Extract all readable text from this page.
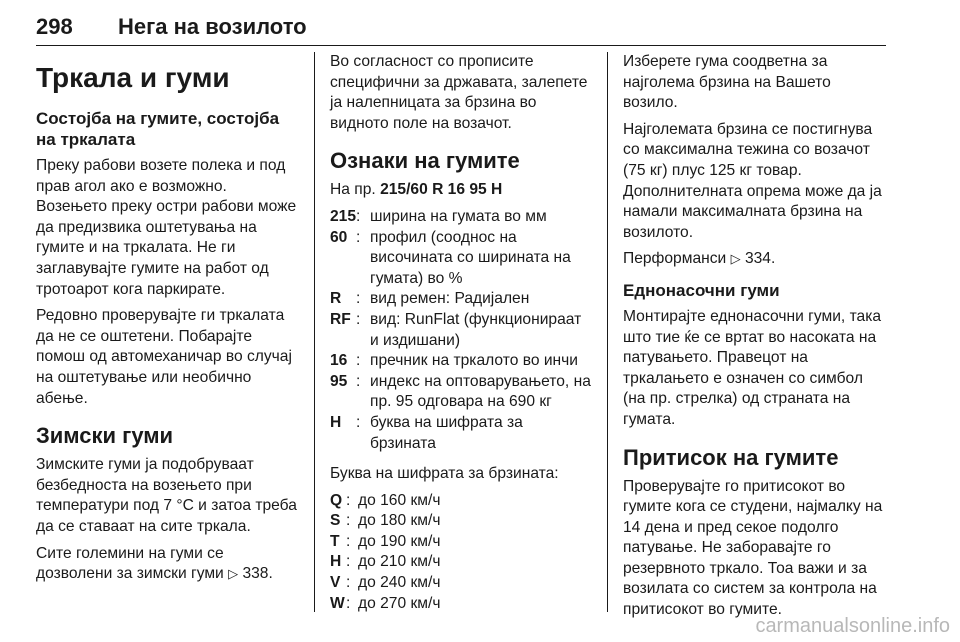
298 Нега на возилото
Тркала и гуми
Состојба на гумите, состојба на тркалата

Преку рабови возете полека и под прав агол ако е возможно. Возењето преку остри рабови може да предизвика оштетувања на гумите и на тркалата. Не ги заглавувајте гумите на работ од тротоарот кога паркирате.

Редовно проверувајте ги тркалата да не се оштетени. Побарајте помош од автомеханичар во случај на оштетување или необично абење.

Зимски гуми

Зимските гуми ја подобруваат безбедноста на возењето при температури под 7 °C и затоа треба да се ставаат на сите тркала.

Сите големини на гуми се дозволени за зимски гуми ▷ 338.

Во согласност со прописите специфични за државата, залепете ја налепницата за брзина во видното поле на возачот.

Ознаки на гумите

На пр. 215/60 R 16 95 H

215 : ширина на гумата во мм
60 : профил (сооднос на височината со ширината на гумата) во %
R : вид ремен: Радијален
RF : вид: RunFlat (функционираат и издишани)
16 : пречник на тркалото во инчи
95 : индекс на оптоварувањето, на пр. 95 одговара на 690 кг
H : буква на шифрата за брзината

Буква на шифрата за брзината:

Q : до 160 км/ч
S : до 180 км/ч
T : до 190 км/ч
H : до 210 км/ч
V : до 240 км/ч
W : до 270 км/ч

Изберете гума соодветна за најголема брзина на Вашето возило.

Најголемата брзина се постигнува со максимална тежина со возачот (75 кг) плус 125 кг товар. Дополнителната опрема може да ја намали максималната брзина на возилото.

Перформанси ▷ 334.

Еднонасочни гуми

Монтирајте еднонасочни гуми, така што тие ќе се вртат во насоката на патувањето. Правецот на тркалањето е означен со симбол (на пр. стрелка) од страната на гумата.

Притисок на гумите

Проверувајте го притисокот во гумите кога се студени, најмалку на 14 дена и пред секое подолго патување. Не заборавајте го резервното тркало. Тоа важи и за возилата со систем за контрола на притисокот во гумите.

carmanualsonline.info
